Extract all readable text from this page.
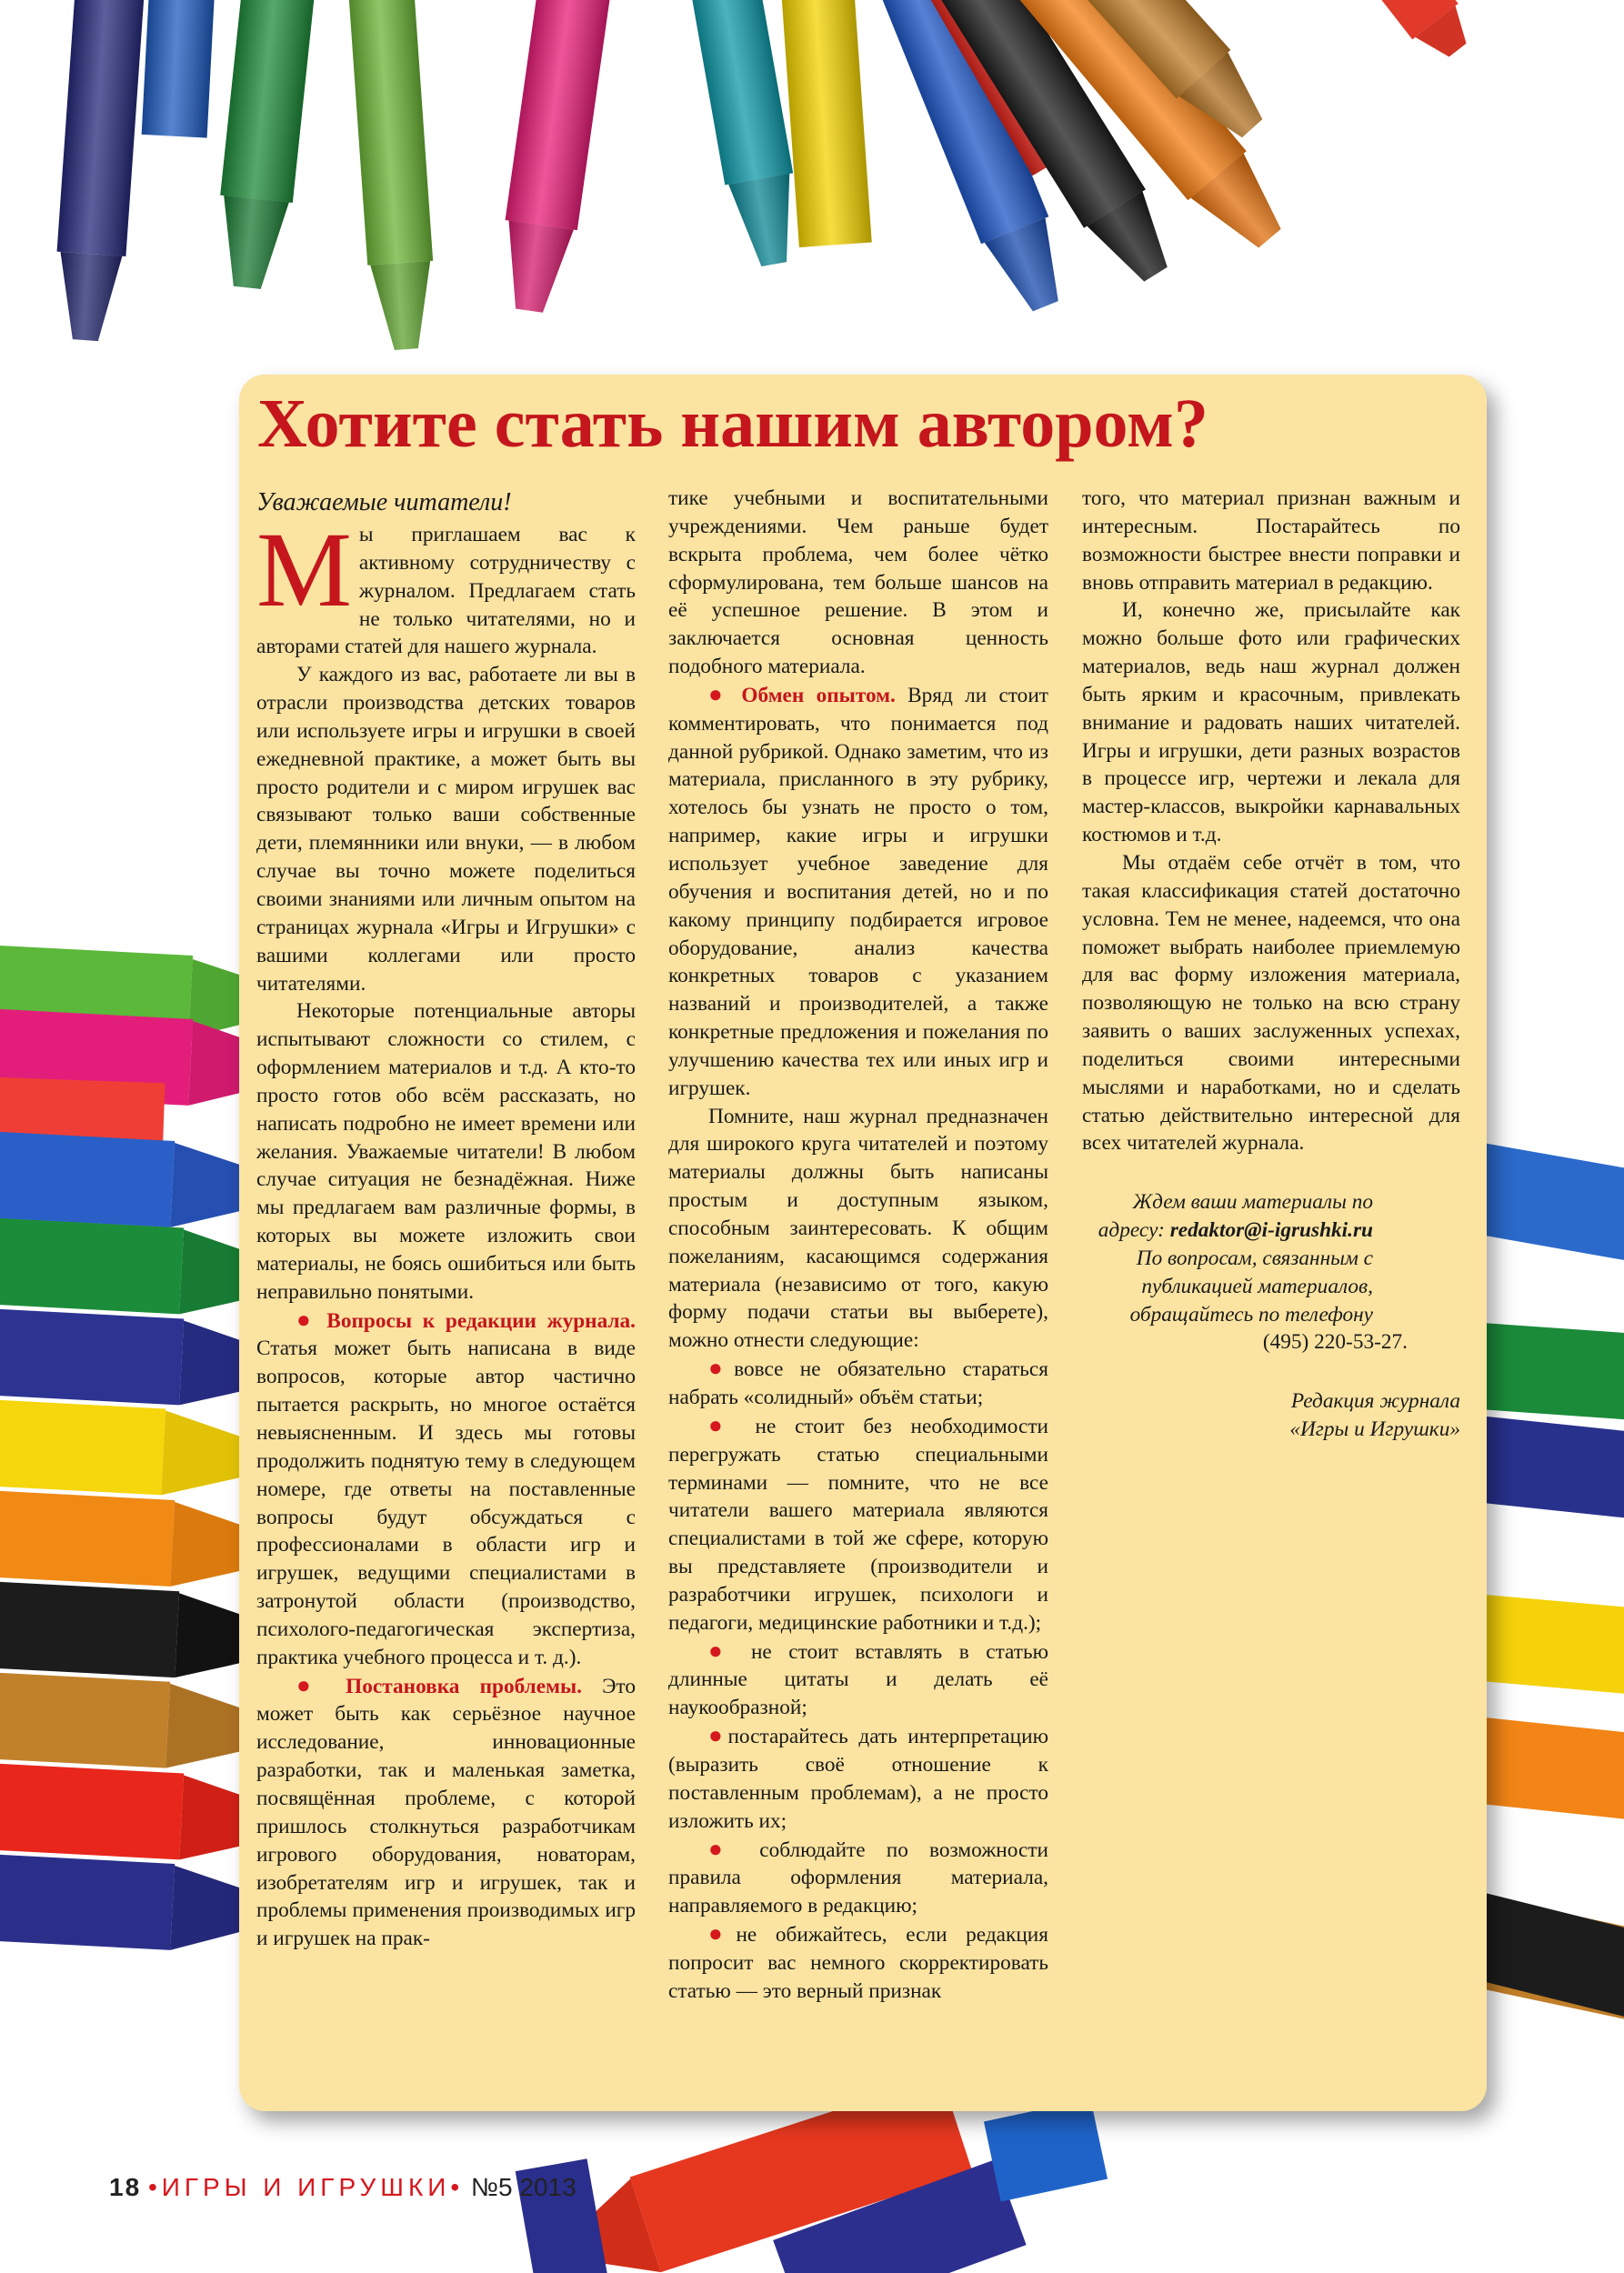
Хотите стать нашим автором?

Уважаемые читатели!

Мы приглашаем вас к активному сотрудничеству с журналом. Предлагаем стать не только читателями, но и авторами статей для нашего журнала.

У каждого из вас, работаете ли вы в отрасли производства детских товаров или используете игры и игрушки в своей ежедневной практике, а может быть вы просто родители и с миром игрушек вас связывают только ваши собственные дети, племянники или внуки, — в любом случае вы точно можете поделиться своими знаниями или личным опытом на страницах журнала «Игры и Игрушки» с вашими коллегами или просто читателями.

Некоторые потенциальные авторы испытывают сложности со стилем, с оформлением материалов и т.д. А кто-то просто готов обо всём рассказать, но написать подробно не имеет времени или желания. Уважаемые читатели! В любом случае ситуация не безнадёжная. Ниже мы предлагаем вам различные формы, в которых вы можете изложить свои материалы, не боясь ошибиться или быть неправильно понятыми.

● Вопросы к редакции журнала. Статья может быть написана в виде вопросов, которые автор частично пытается раскрыть, но многое остаётся невыясненным. И здесь мы готовы продолжить поднятую тему в следующем номере, где ответы на поставленные вопросы будут обсуждаться с профессионалами в области игр и игрушек, ведущими специалистами в затронутой области (производство, психолого-педагогическая экспертиза, практика учебного процесса и т. д.).

● Постановка проблемы. Это может быть как серьёзное научное исследование, инновационные разработки, так и маленькая заметка, посвящённая проблеме, с которой пришлось столкнуться разработчикам игрового оборудования, новаторам, изобретателям игр и игрушек, так и проблемы применения производимых игр и игрушек на прак-

тике учебными и воспитательными учреждениями. Чем раньше будет вскрыта проблема, чем более чётко сформулирована, тем больше шансов на её успешное решение. В этом и заключается основная ценность подобного материала.

● Обмен опытом. Вряд ли стоит комментировать, что понимается под данной рубрикой. Однако заметим, что из материала, присланного в эту рубрику, хотелось бы узнать не просто о том, например, какие игры и игрушки использует учебное заведение для обучения и воспитания детей, но и по какому принципу подбирается игровое оборудование, анализ качества конкретных товаров с указанием названий и производителей, а также конкретные предложения и пожелания по улучшению качества тех или иных игр и игрушек.

Помните, наш журнал предназначен для широкого круга читателей и поэтому материалы должны быть написаны простым и доступным языком, способным заинтересовать. К общим пожеланиям, касающимся содержания материала (независимо от того, какую форму подачи статьи вы выберете), можно отнести следующие:

●вовсе не обязательно стараться набрать «солидный» объём статьи;

● не стоит без необходимости перегружать статью специальными терминами — помните, что не все читатели вашего материала являются специалистами в той же сфере, которую вы представляете (производители и разработчики игрушек, психологи и педагоги, медицинские работники и т.д.);

● не стоит вставлять в статью длинные цитаты и делать её наукообразной;

●постарайтесь дать интерпретацию (выразить своё отношение к поставленным проблемам), а не просто изложить их;

● соблюдайте по возможности правила оформления материала, направляемого в редакцию;

●не обижайтесь, если редакция попросит вас немного скорректировать статью — это верный признак

того, что материал признан важным и интересным. Постарайтесь по возможности быстрее внести поправки и вновь отправить материал в редакцию.

И, конечно же, присылайте как можно больше фото или графических материалов, ведь наш журнал должен быть ярким и красочным, привлекать внимание и радовать наших читателей. Игры и игрушки, дети разных возрастов в процессе игр, чертежи и лекала для мастер-классов, выкройки карнавальных костюмов и т.д.

Мы отдаём себе отчёт в том, что такая классификация статей достаточно условна. Тем не менее, надеемся, что она поможет выбрать наиболее приемлемую для вас форму изложения материала, позволяющую не только на всю страну заявить о ваших заслуженных успехах, поделиться своими интересными мыслями и наработками, но и сделать статью действительно интересной для всех читателей журнала.

Ждем ваши материалы по

адресу: redaktor@i-igrushki.ru

По вопросам, связанным с

публикацией материалов,

обращайтесь по телефону

(495) 220-53-27.

Редакция журнала

«Игры и Игрушки»

18 •ИГРЫ И ИГРУШКИ• №5 2013
